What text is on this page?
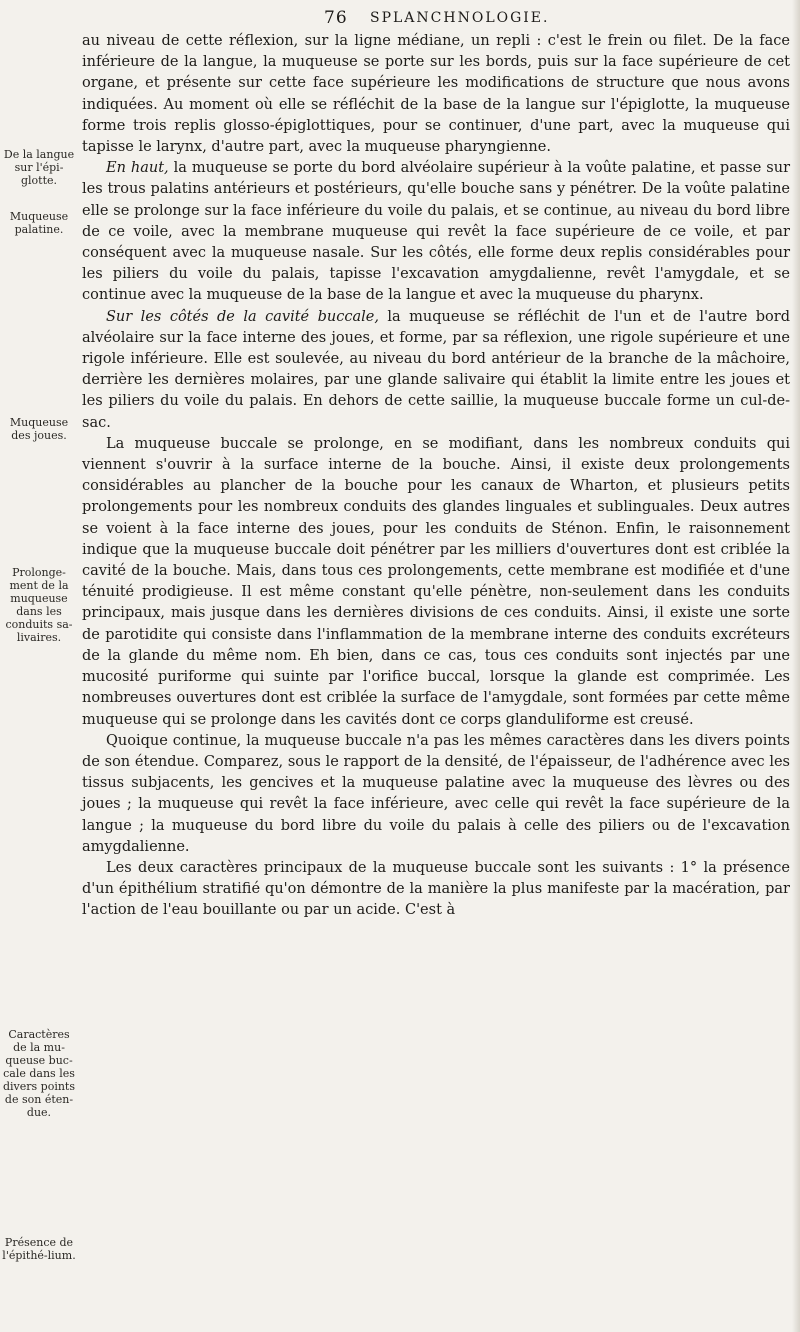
76 SPLANCHNOLOGIE.
De la langue sur l'épi-glotte.
Muqueuse palatine.
Muqueuse des joues.
Prolonge-ment de la muqueuse dans les conduits sa-livaires.
Caractères de la mu-queuse buc-cale dans les divers points de son éten-due.
Présence de l'épithé-lium.

au niveau de cette réflexion, sur la ligne médiane, un repli : c'est le frein ou filet. De la face inférieure de la langue, la muqueuse se porte sur les bords, puis sur la face supérieure de cet organe, et présente sur cette face supérieure les modifications de structure que nous avons indiquées. Au moment où elle se réfléchit de la base de la langue sur l'épiglotte, la muqueuse forme trois replis glosso-épiglottiques, pour se continuer, d'une part, avec la muqueuse qui tapisse le larynx, d'autre part, avec la muqueuse pharyngienne.

En haut, la muqueuse se porte du bord alvéolaire supérieur à la voûte palatine, et passe sur les trous palatins antérieurs et postérieurs, qu'elle bouche sans y pénétrer. De la voûte palatine elle se prolonge sur la face inférieure du voile du palais, et se continue, au niveau du bord libre de ce voile, avec la membrane muqueuse qui revêt la face supérieure de ce voile, et par conséquent avec la muqueuse nasale. Sur les côtés, elle forme deux replis considérables pour les piliers du voile du palais, tapisse l'excavation amygdalienne, revêt l'amygdale, et se continue avec la muqueuse de la base de la langue et avec la muqueuse du pharynx.

Sur les côtés de la cavité buccale, la muqueuse se réfléchit de l'un et de l'autre bord alvéolaire sur la face interne des joues, et forme, par sa réflexion, une rigole supérieure et une rigole inférieure. Elle est soulevée, au niveau du bord antérieur de la branche de la mâchoire, derrière les dernières molaires, par une glande salivaire qui établit la limite entre les joues et les piliers du voile du palais. En dehors de cette saillie, la muqueuse buccale forme un cul-de-sac.

La muqueuse buccale se prolonge, en se modifiant, dans les nombreux conduits qui viennent s'ouvrir à la surface interne de la bouche. Ainsi, il existe deux prolongements considérables au plancher de la bouche pour les canaux de Wharton, et plusieurs petits prolongements pour les nombreux conduits des glandes linguales et sublinguales. Deux autres se voient à la face interne des joues, pour les conduits de Sténon. Enfin, le raisonnement indique que la muqueuse buccale doit pénétrer par les milliers d'ouvertures dont est criblée la cavité de la bouche. Mais, dans tous ces prolongements, cette membrane est modifiée et d'une ténuité prodigieuse. Il est même constant qu'elle pénètre, non-seulement dans les conduits principaux, mais jusque dans les dernières divisions de ces conduits. Ainsi, il existe une sorte de parotidite qui consiste dans l'inflammation de la membrane interne des conduits excréteurs de la glande du même nom. Eh bien, dans ce cas, tous ces conduits sont injectés par une mucosité puriforme qui suinte par l'orifice buccal, lorsque la glande est comprimée. Les nombreuses ouvertures dont est criblée la surface de l'amygdale, sont formées par cette même muqueuse qui se prolonge dans les cavités dont ce corps glanduliforme est creusé.

Quoique continue, la muqueuse buccale n'a pas les mêmes caractères dans les divers points de son étendue. Comparez, sous le rapport de la densité, de l'épaisseur, de l'adhérence avec les tissus subjacents, les gencives et la muqueuse palatine avec la muqueuse des lèvres ou des joues ; la muqueuse qui revêt la face inférieure, avec celle qui revêt la face supérieure de la langue ; la muqueuse du bord libre du voile du palais à celle des piliers ou de l'excavation amygdalienne.

Les deux caractères principaux de la muqueuse buccale sont les suivants : 1° la présence d'un épithélium stratifié qu'on démontre de la manière la plus manifeste par la macération, par l'action de l'eau bouillante ou par un acide. C'est à
